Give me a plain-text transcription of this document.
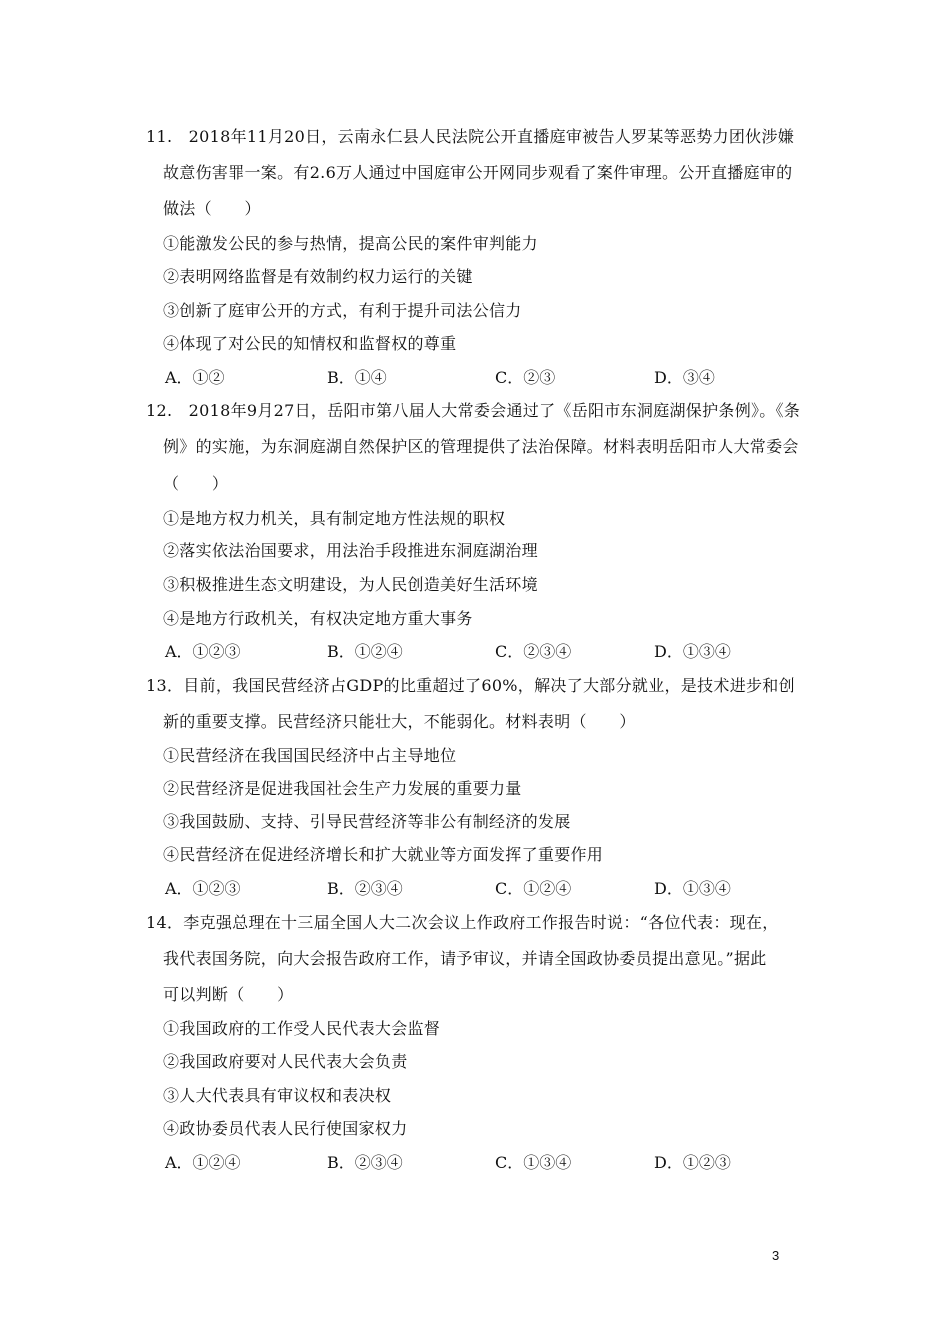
11.　2018年11月20日，云南永仁县人民法院公开直播庭审被告人罗某等恶势力团伙涉嫌
故意伤害罪一案。有2.6万人通过中国庭审公开网同步观看了案件审理。公开直播庭审的
做法（　　）
①能激发公民的参与热情，提高公民的案件审判能力
②表明网络监督是有效制约权力运行的关键
③创新了庭审公开的方式，有利于提升司法公信力
④体现了对公民的知情权和监督权的尊重
A．①②	B．①④	C．②③	D．③④
12.　2018年9月27日，岳阳市第八届人大常委会通过了《岳阳市东洞庭湖保护条例》。《条
例》的实施，为东洞庭湖自然保护区的管理提供了法治保障。材料表明岳阳市人大常委会
（　　）
①是地方权力机关，具有制定地方性法规的职权
②落实依法治国要求，用法治手段推进东洞庭湖治理
③积极推进生态文明建设，为人民创造美好生活环境
④是地方行政机关，有权决定地方重大事务
A．①②③	B．①②④	C．②③④	D．①③④
13．目前，我国民营经济占GDP的比重超过了60%，解决了大部分就业，是技术进步和创
新的重要支撑。民营经济只能壮大，不能弱化。材料表明（　　）
①民营经济在我国国民经济中占主导地位
②民营经济是促进我国社会生产力发展的重要力量
③我国鼓励、支持、引导民营经济等非公有制经济的发展
④民营经济在促进经济增长和扩大就业等方面发挥了重要作用
A．①②③	B．②③④	C．①②④	D．①③④
14．李克强总理在十三届全国人大二次会议上作政府工作报告时说：“各位代表：现在，
我代表国务院，向大会报告政府工作，请予审议，并请全国政协委员提出意见。”据此
可以判断（　　）
①我国政府的工作受人民代表大会监督
②我国政府要对人民代表大会负责
③人大代表具有审议权和表决权
④政协委员代表人民行使国家权力
A．①②④	B．②③④	C．①③④	D．①②③
3
